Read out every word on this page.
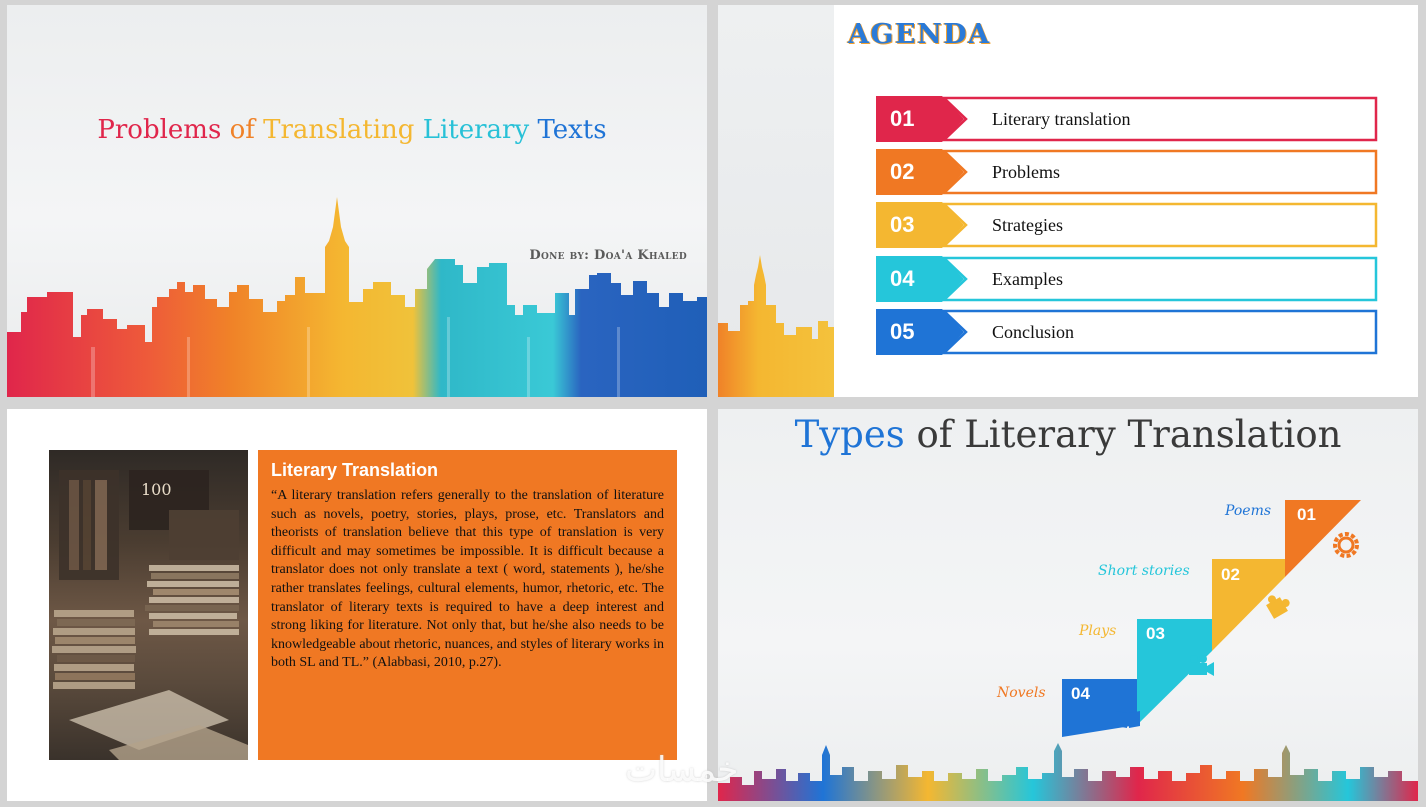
Problems of Translating Literary Texts
Done by: Doa'a Khaled
AGENDA
01	Literary translation
02	Problems
03	Strategies
04	Examples
05	Conclusion
100
Literary Translation

“A literary translation refers generally to the translation of literature such as novels, poetry, stories, plays, prose, etc. Translators and theorists of translation believe that this type of translation is very difficult and may sometimes be impossible. It is difficult because a translator does not only translate a text ( word, statements ), he/she rather translates feelings, cultural elements, humor, rhetoric, etc. The translator of literary texts is required to have a deep interest and strong liking for literature. Not only that, but he/she also needs to be knowledgeable about rhetoric, nuances, and styles of literary works in both SL and TL.” (Alabbasi, 2010, p.27).

Types of Literary Translation
01
02
03
04
Poems
Short stories
Plays
Novels
خمسات
